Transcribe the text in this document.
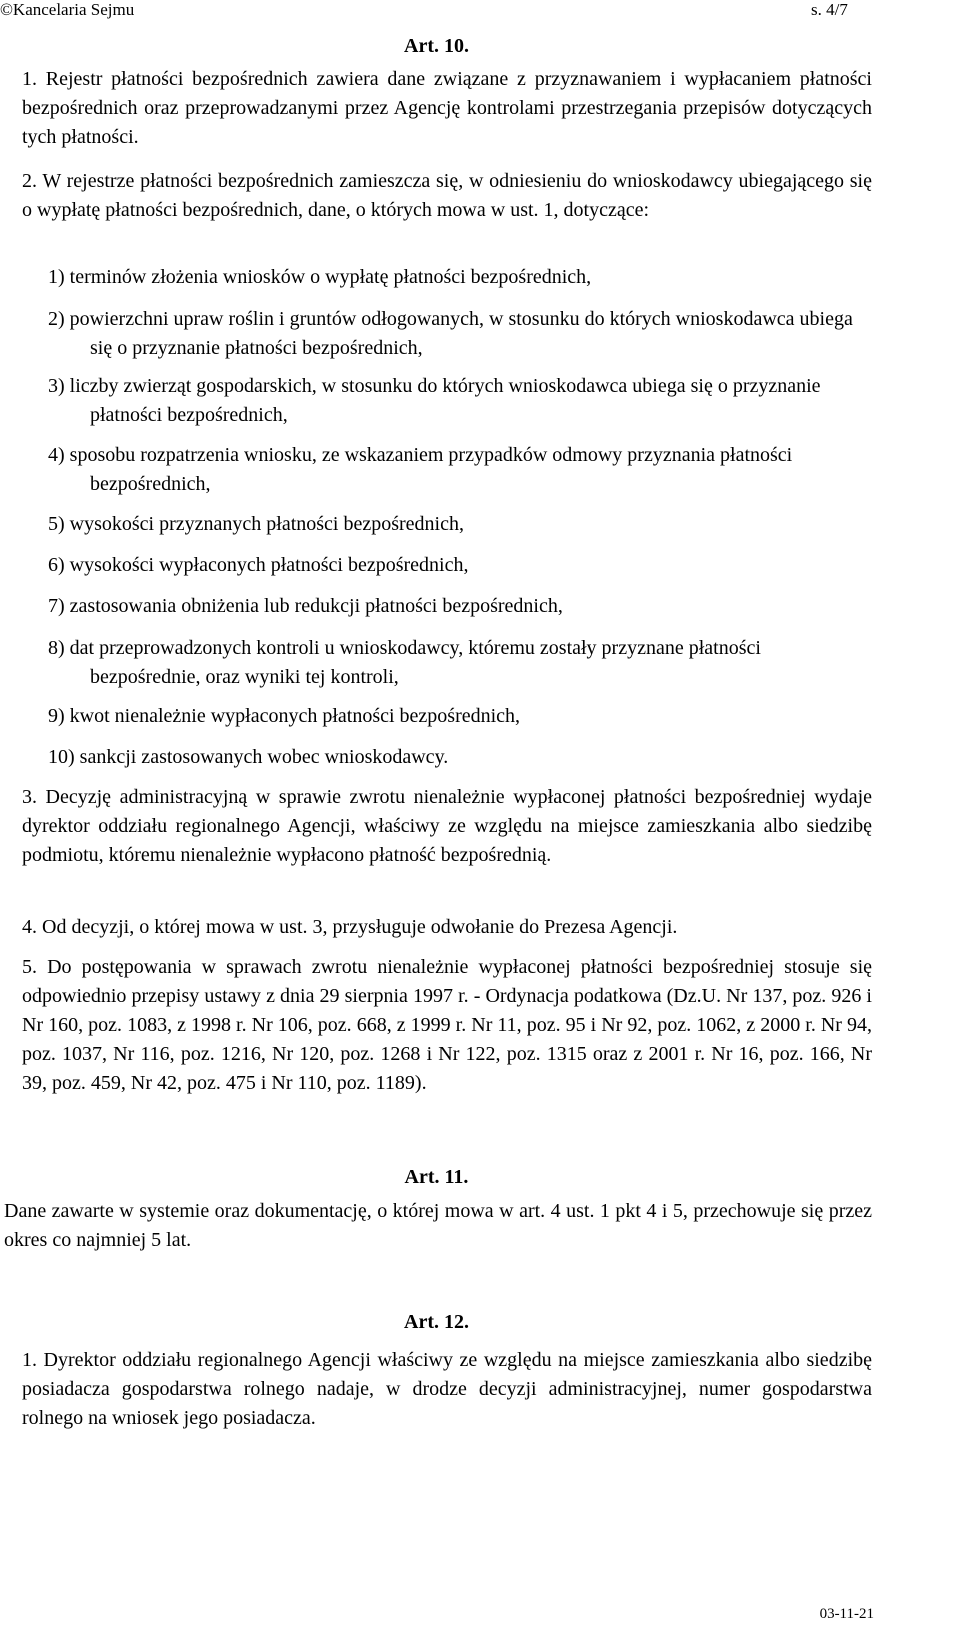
©Kancelaria Sejmu	s. 4/7
Art. 10.
1. Rejestr płatności bezpośrednich zawiera dane związane z przyznawaniem i wypłacaniem płatności bezpośrednich oraz przeprowadzanymi przez Agencję kontrolami przestrzegania przepisów dotyczących tych płatności.
2. W rejestrze płatności bezpośrednich zamieszcza się, w odniesieniu do wnioskodawcy ubiegającego się o wypłatę płatności bezpośrednich, dane, o których mowa w ust. 1, dotyczące:
1) terminów złożenia wniosków o wypłatę płatności bezpośrednich,
2) powierzchni upraw roślin i gruntów odłogowanych, w stosunku do których wnioskodawca ubiega się o przyznanie płatności bezpośrednich,
3) liczby zwierząt gospodarskich, w stosunku do których wnioskodawca ubiega się o przyznanie płatności bezpośrednich,
4) sposobu rozpatrzenia wniosku, ze wskazaniem przypadków odmowy przyznania płatności bezpośrednich,
5) wysokości przyznanych płatności bezpośrednich,
6) wysokości wypłaconych płatności bezpośrednich,
7) zastosowania obniżenia lub redukcji płatności bezpośrednich,
8) dat przeprowadzonych kontroli u wnioskodawcy, któremu zostały przyznane płatności bezpośrednie, oraz wyniki tej kontroli,
9) kwot nienależnie wypłaconych płatności bezpośrednich,
10) sankcji zastosowanych wobec wnioskodawcy.
3. Decyzję administracyjną w sprawie zwrotu nienależnie wypłaconej płatności bezpośredniej wydaje dyrektor oddziału regionalnego Agencji, właściwy ze względu na miejsce zamieszkania albo siedzibę podmiotu, któremu nienależnie wypłacono płatność bezpośrednią.
4. Od decyzji, o której mowa w ust. 3, przysługuje odwołanie do Prezesa Agencji.
5. Do postępowania w sprawach zwrotu nienależnie wypłaconej płatności bezpośredniej stosuje się odpowiednio przepisy ustawy z dnia 29 sierpnia 1997 r. - Ordynacja podatkowa (Dz.U. Nr 137, poz. 926 i Nr 160, poz. 1083, z 1998 r. Nr 106, poz. 668, z 1999 r. Nr 11, poz. 95 i Nr 92, poz. 1062, z 2000 r. Nr 94, poz. 1037, Nr 116, poz. 1216, Nr 120, poz. 1268 i Nr 122, poz. 1315 oraz z 2001 r. Nr 16, poz. 166, Nr 39, poz. 459, Nr 42, poz. 475 i Nr 110, poz. 1189).
Art. 11.
Dane zawarte w systemie oraz dokumentację, o której mowa w art. 4 ust. 1 pkt 4 i 5, przechowuje się przez okres co najmniej 5 lat.
Art. 12.
1. Dyrektor oddziału regionalnego Agencji właściwy ze względu na miejsce zamieszkania albo siedzibę posiadacza gospodarstwa rolnego nadaje, w drodze decyzji administracyjnej, numer gospodarstwa rolnego na wniosek jego posiadacza.
03-11-21
